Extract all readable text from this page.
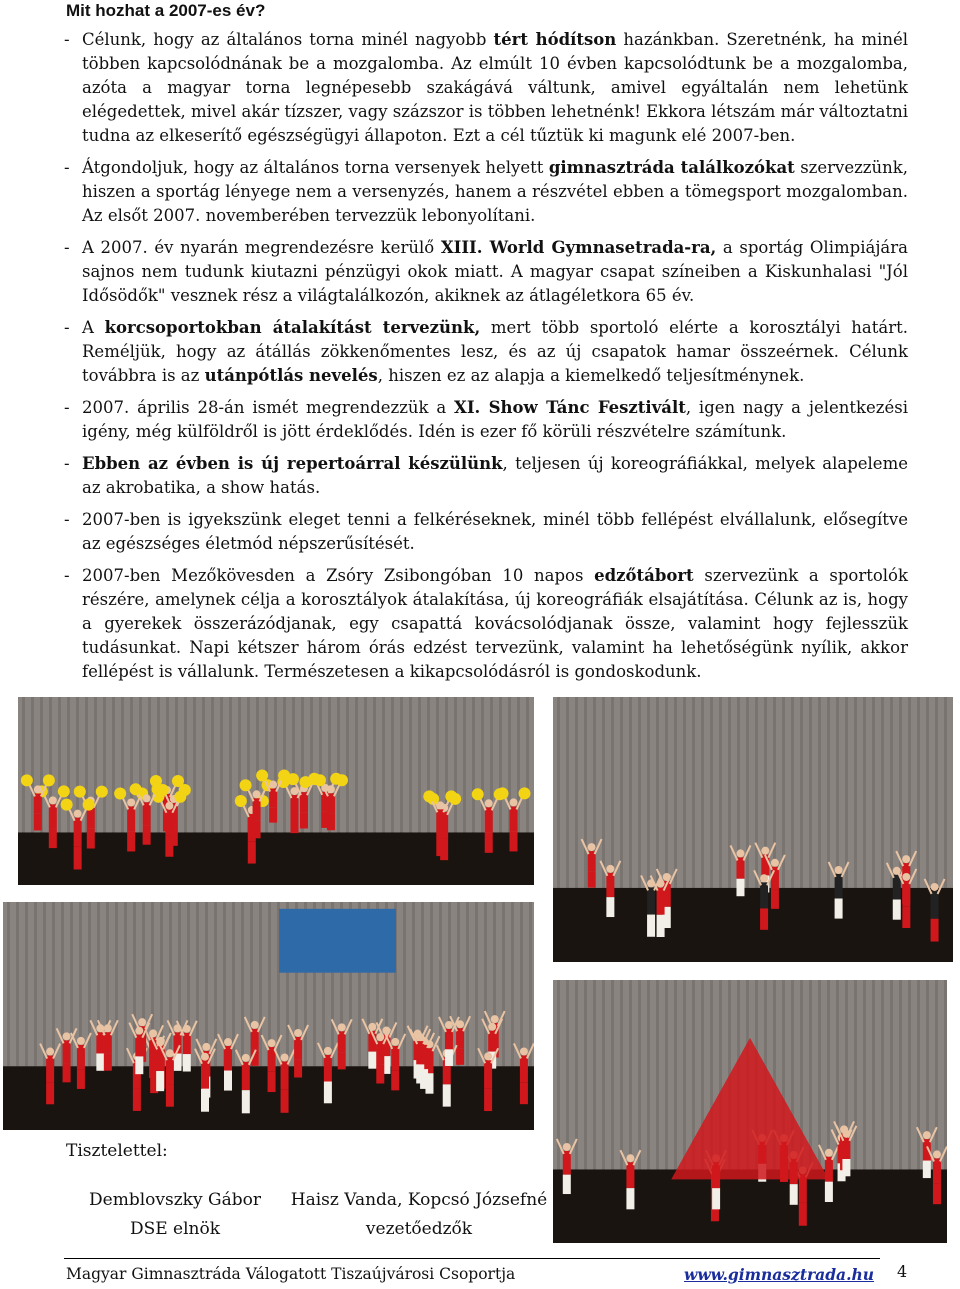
Mit hozhat a 2007-es év?
- Célunk, hogy az általános torna minél nagyobb tért hódítson hazánkban. Szeretnénk, ha minél többen kapcsolódnának be a mozgalomba. Az elmúlt 10 évben kapcsolódtunk be a mozgalomba, azóta a magyar torna legnépesebb szakágává váltunk, amivel egyáltalán nem lehetünk elégedettek, mivel akár tízszer, vagy százszor is többen lehetnénk! Ekkora létszám már változtatni tudna az elkeserítő egészségügyi állapoton. Ezt a cél tűztük ki magunk elé 2007-ben.
- Átgondoljuk, hogy az általános torna versenyek helyett gimnasztráda találkozókat szervezzünk, hiszen a sportág lényege nem a versenyzés, hanem a részvétel ebben a tömegsport mozgalomban. Az elsőt 2007. novemberében tervezzük lebonyolítani.
- A 2007. év nyarán megrendezésre kerülő XIII. World Gymnasetrada-ra, a sportág Olimpiájára sajnos nem tudunk kiutazni pénzügyi okok miatt. A magyar csapat színeiben a Kiskunhalasi "Jól Idősödők" vesznek rész a világtalálkozón, akiknek az átlagéletkora 65 év.
- A korcsoportokban átalakítást tervezünk, mert több sportoló elérte a korosztályi határt. Reméljük, hogy az átállás zökkenőmentes lesz, és az új csapatok hamar összeérnek. Célunk továbbra is az utánpótlás nevelés, hiszen ez az alapja a kiemelkedő teljesítménynek.
- 2007. április 28-án ismét megrendezzük a XI. Show Tánc Fesztivált, igen nagy a jelentkezési igény, még külföldről is jött érdeklődés. Idén is ezer fő körüli részvételre számítunk.
- Ebben az évben is új repertoárral készülünk, teljesen új koreográfiákkal, melyek alapeleme az akrobatika, a show hatás.
- 2007-ben is igyekszünk eleget tenni a felkéréseknek, minél több fellépést elvállalunk, elősegítve az egészséges életmód népszerűsítését.
- 2007-ben Mezőkövesden a Zsóry Zsibongóban 10 napos edzőtábort szervezünk a sportolók részére, amelynek célja a korosztályok átalakítása, új koreográfiák elsajátítása. Célunk az is, hogy a gyerekek összerázódjanak, egy csapattá kovácsolódjanak össze, valamint hogy fejlesszük tudásunkat. Napi kétszer három órás edzést tervezünk, valamint ha lehetőségünk nyílik, akkor fellépést is vállalunk. Természetesen a kikapcsolódásról is gondoskodunk.
Tisztelettel:
Demblovszky Gábor
DSE elnök
Haisz Vanda, Kopcsó Józsefné
vezetőedzők
Magyar Gimnasztráda Válogatott Tiszaújvárosi Csoportja	www.gimnasztrada.hu 4
